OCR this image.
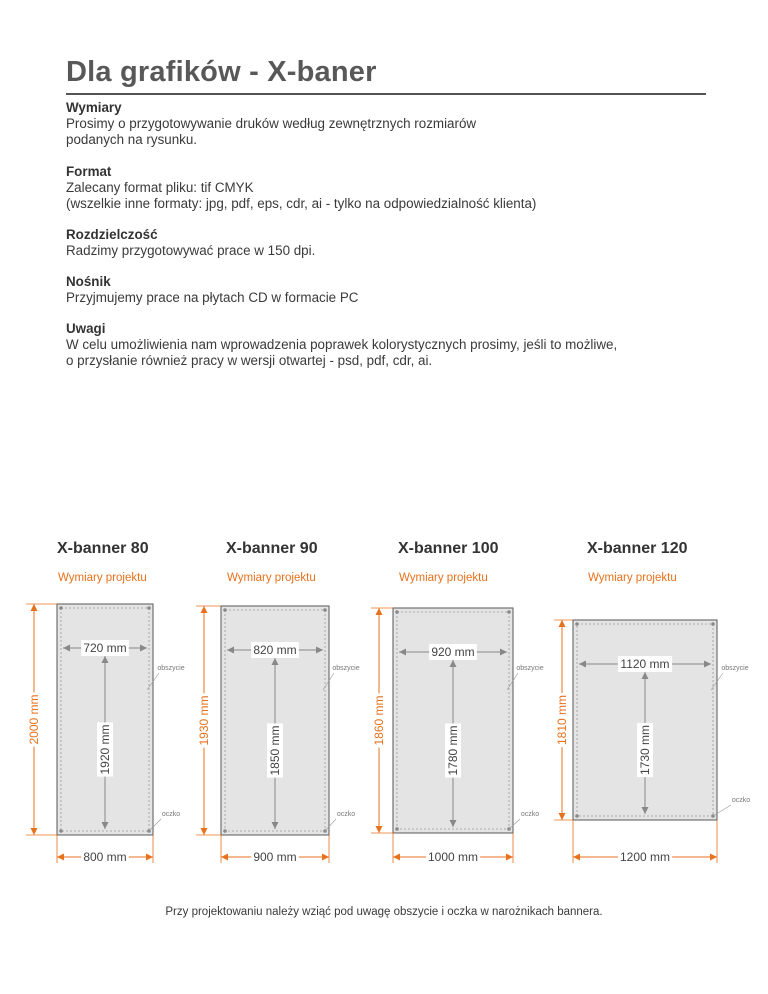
Dla grafików - X-baner
Wymiary

Prosimy o przygotowywanie druków według zewnętrznych rozmiarów

podanych na rysunku.

Format

Zalecany format pliku: tif CMYK

(wszelkie inne formaty: jpg, pdf, eps, cdr, ai - tylko na odpowiedzialność klienta)

Rozdzielczość

Radzimy przygotowywać prace w 150 dpi.

Nośnik

Przyjmujemy prace na płytach CD w formacie PC

Uwagi

W celu umożliwienia nam wprowadzenia poprawek kolorystycznych prosimy, jeśli to możliwe,

o przysłanie również pracy w wersji otwartej - psd, pdf, cdr, ai.

X-banner 80
Wymiary projektu
720 mm
1920 mm
2000 mm
800 mm
obszycie
oczko
X-banner 90
Wymiary projektu
820 mm
1850 mm
1930 mm
900 mm
obszycie
oczko
X-banner 100
Wymiary projektu
920 mm
1780 mm
1860 mm
1000 mm
obszycie
oczko
X-banner 120
Wymiary projektu
1120 mm
1730 mm
1810 mm
1200 mm
obszycie
oczko
Przy projektowaniu należy wziąć pod uwagę obszycie i oczka w narożnikach bannera.
